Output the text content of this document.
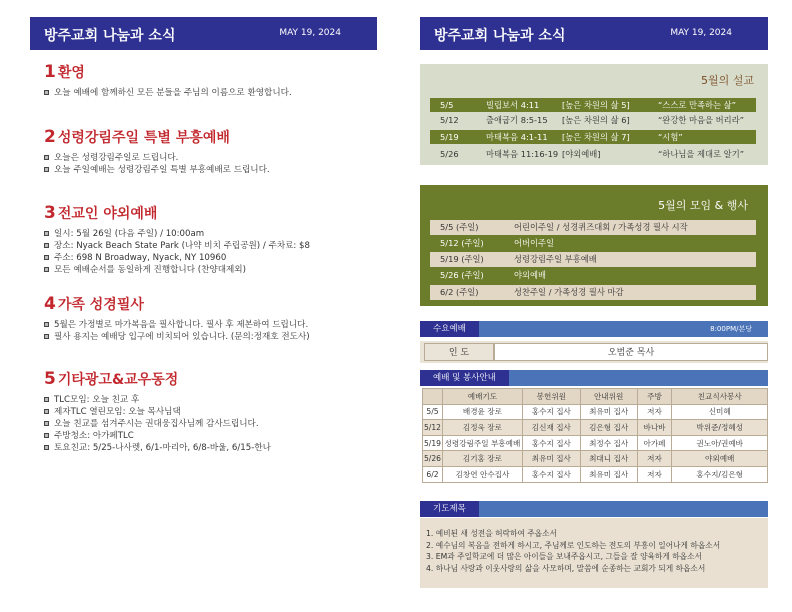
방주교회 나눔과 소식	MAY 19, 2024
1 환영
오늘 예배에 함께하신 모든 분들을 주님의 이름으로 환영합니다.
2 성령강림주일 특별 부흥예배
오늘은 성령강림주일로 드립니다.
오늘 주일예배는 성령강림주일 특별 부흥예배로 드립니다.
3 전교인 야외예배
일시: 5월 26일 (다음 주일) / 10:00am
장소: Nyack Beach State Park (나약 비치 주립공원) / 주차료: $8
주소: 698 N Broadway, Nyack, NY 10960
모든 예배순서를 동일하게 진행합니다 (찬양대제외)
4 가족 성경필사
5월은 가정별로 마가복음을 필사합니다. 필사 후 제본하여 드립니다.
필사 용지는 예배당 입구에 비치되어 있습니다. (문의:정재호 전도사)
5 기타광고&교우동정
TLC모임: 오늘 친교 후
제자TLC 열린모임: 오늘 목사님댁
오늘 친교를 섬겨주시는 권대웅집사님께 감사드립니다.
주방청소: 아가페TLC
토요친교: 5/25-나사렛, 6/1-마리아, 6/8-바울, 6/15-한나
방주교회 나눔과 소식	MAY 19, 2024
5월의 설교
5/5	빌립보서 4:11	[높은 차원의 삶 5]	“스스로 만족하는 삶”
5/12	출애굽기 8:5-15 [높은 차원의 삶 6]	“완강한 마음을 버리라”
5/19	마태복음 4:1-11 [높은 차원의 삶 7]	“시험”
5/26	마태복음 11:16-19 [야외예배]	“하나님을 제대로 알기”
5월의 모임 & 행사
5/5 (주일)	어린이주일 / 성경퀴즈대회 / 가족성경 필사 시작
5/12 (주일)	어버이주일
5/19 (주일)	성령강림주일 부흥예배
5/26 (주일)	야외예배
6/2 (주일)	성찬주일 / 가족성경 필사 마감
수요예배	8:00PM/본당
인 도	오범준 목사
예배 및 봉사안내
	예배기도	봉헌위원	안내위원	주방	친교식사봉사
5/5	배경윤 장로	홍수지 집사	최유미 집사	저자	신미혜
5/12	김정욱 장로	김신재 집사	김은형 집사	바나바	박위준/정혜성
5/19	성령강림주일 부흥예배	홍수지 집사	최정수 집사	아가페	권노아/권예바
5/26	김기홍 장로	최유미 집사	최대니 집사	저자	야외예배
6/2	김창연 안수집사	홍수지 집사	최유미 집사	저자	홍수지/김은형
기도제목
1. 예비된 새 성전을 허락하여 주옵소서
2. 예수님의 복음을 전하게 하시고, 주님께로 인도하는 전도의 부흥이 일어나게 하옵소서
3. EM과 주일학교에 더 많은 아이들을 보내주옵시고, 그들을 잘 양육하게 하옵소서
4. 하나님 사랑과 이웃사랑의 삶을 사모하며, 말씀에 순종하는 교회가 되게 하옵소서
